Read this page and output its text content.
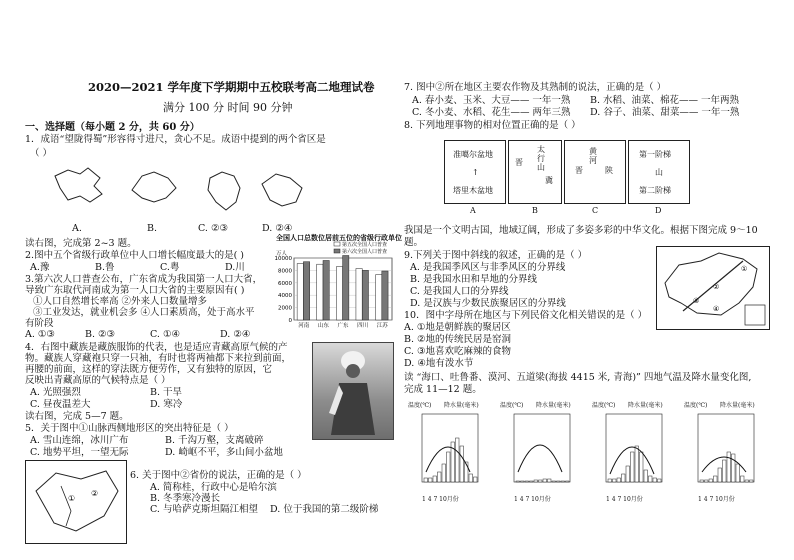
2020—2021 学年度下学期期中五校联考高二地理试卷
满分 100 分 时间 90 分钟
一、选择题（每小题 2 分，共 60 分）
1．成语“望陇得蜀”形容得寸进尺，贪心不足。成语中提到的两个省区是
（ ）
A.	B.	C. ②③	D. ②④
读右图，完成第 2~3 题。
2.图中五个省级行政单位中人口增长幅度最大的是( )
A.豫	B.鲁	C.粤	D.川
3.第六次人口普查公布，广东省成为我国第一人口大省，
导致广东取代河南成为第一人口大省的主要原因有( )
①人口自然增长率高 ②外来人口数量增多
③工业发达，就业机会多 ④人口素质高，处于高水平
有阶段
A. ①③	B. ②③	C. ①④	D. ②④
全国人口总数位居前五位的省级行政单位
10000
8000
6000
4000
2000
0
万人
河南 山东 广东 四川 江苏
第五次全国人口普查
第六次全国人口普查
4．右图中藏族是藏族服饰的代表，也是适应青藏高原气候的产
物。藏族人穿藏袍只穿一只袖，有时也将两袖都下来拉到前面，
再腰的前面，这样的穿法既方便劳作，又有独特的原因，它
反映出青藏高原的气候特点是（ ）
A. 光照强烈	B. 干旱
C. 昼夜温差大	D. 寒冷
读右图，完成 5—7 题。
5．关于图中①山脉西侧地形区的突出特征是（ ）
A. 雪山连绵，冰川广布	B. 千沟万壑，支离破碎
C. 地势平坦，一望无际	D. 崎岖不平，多山间小盆地
①
②
6. 关于图中②省份的说法，正确的是（ ）
A. 简称桂，行政中心是哈尔滨
B. 冬季寒冷漫长
C. 与哈萨克斯坦隔江相望 D. 位于我国的第二级阶梯
7. 图中②所在地区主要农作物及其熟制的说法，正确的是（ ）
A. 春小麦、玉米、大豆—— 一年一熟 B. 水稻、油菜、棉花—— 一年两熟
C. 冬小麦、水稻、花生—— 两年三熟 D. 谷子、油菜、甜菜—— 一年一熟
8. 下列地理事物的相对位置正确的是（ ）
准噶尔盆地
↑
塔里木盆地
太行山
晋
冀
黄河
晋	陕
第一阶梯
山
第二阶梯
A	B	C	D
我国是一个文明古国，地域辽阔，形成了多姿多彩的中华文化。根据下图完成 9～10
题。
①
②
③
④
9.下列关于图中斜线的叙述，正确的是（ ）
A. 是我国季风区与非季风区的分界线
B. 是我国水田和旱地的分界线
C. 是我国人口的分界线
D. 是汉族与少数民族聚居区的分界线
10．图中字母所在地区与下列民俗文化相关错误的是（ ）
A. ①地是朝鲜族的聚居区
B. ②地的传统民居是窑洞
C. ③地喜欢吃麻辣的食物
D. ④地有泼水节
读 “海口、吐鲁番、漠河、五道梁(海拔 4415 米, 青海)” 四地气温及降水量变化图,
完成 11—12 题。
温度(℃) 降水量(毫米)
1 4 7 10月份
温度(℃) 降水量(毫米)
1 4 7 10月份
温度(℃) 降水量(毫米)
1 4 7 10月份
温度(℃) 降水量(毫米)
1 4 7 10月份
